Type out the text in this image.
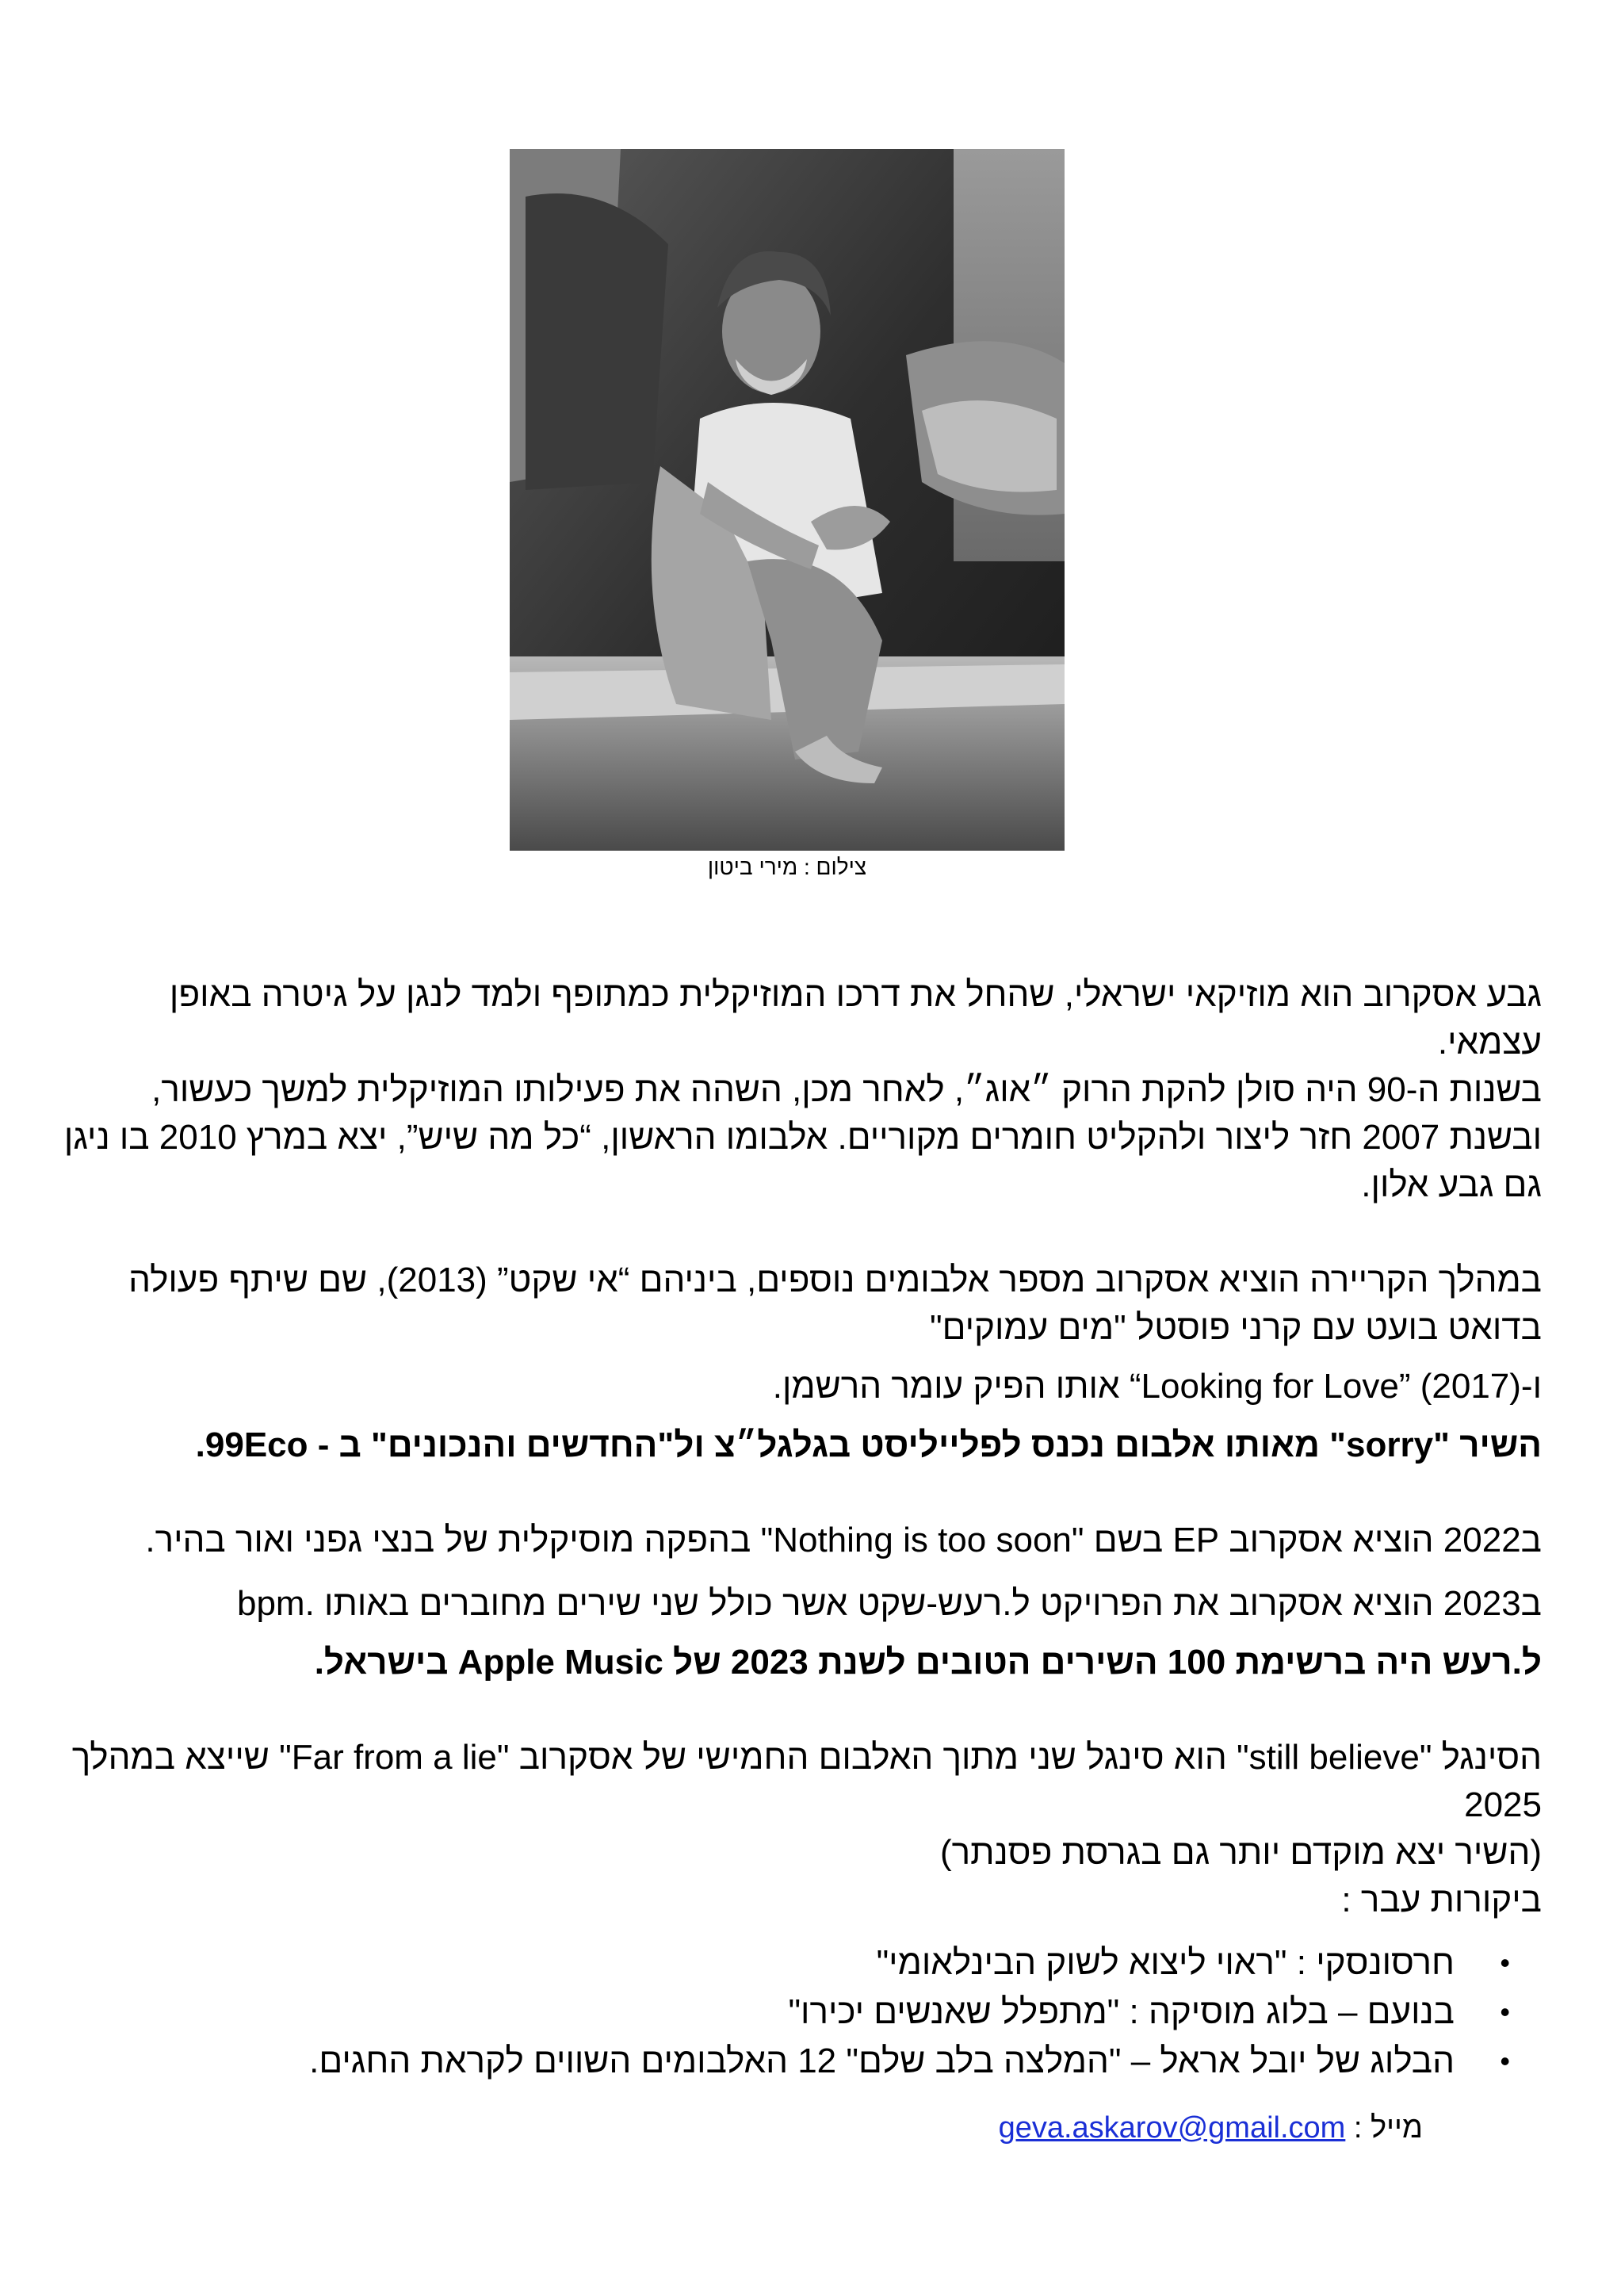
צילום : מירי ביטון

גבע אסקרוב הוא מוזיקאי ישראלי, שהחל את דרכו המוזיקלית כמתופף ולמד לנגן על גיטרה באופן עצמאי.

בשנות ה-90 היה סולן להקת הרוק ״אוג״, לאחר מכן, השהה את פעילותו המוזיקלית למשך כעשור, ובשנת 2007 חזר ליצור ולהקליט חומרים מקוריים. אלבומו הראשון, “כל מה שיש”, יצא במרץ 2010 בו ניגן גם גבע אלון.

במהלך הקריירה הוציא אסקרוב מספר אלבומים נוספים, ביניהם “אי שקט” (2013), שם שיתף פעולה בדואט בועט עם קרני פוסטל "מים עמוקים"

ו-(2017) ”Looking for Love“ אותו הפיק עומר הרשמן.

השיר "sorry" מאותו אלבום נכנס לפלייליסט בגלגל״צ ול"החדשים והנכונים" ב - 99Eco.

ב2022 הוציא אסקרוב EP בשם "Nothing is too soon" בהפקה מוסיקלית של בנצי גפני ואור בהיר.

ב2023 הוציא אסקרוב את הפרויקט ל.רעש-שקט אשר כולל שני שירים מחוברים באותו .bpm

ל.רעש היה ברשימת 100 השירים הטובים לשנת 2023 של Apple Music בישראל.

הסינגל "still believe" הוא סינגל שני מתוך האלבום החמישי של אסקרוב "Far from a lie" שייצא במהלך 2025

(השיר יצא מוקדם יותר גם בגרסת פסנתר)

ביקורות עבר :

•
חרסונסקי : "ראוי ליצוא לשוק הבינלאומי"
•
בנועם – בלוג מוסיקה : "מתפלל שאנשים יכירו"
•
הבלוג של יובל אראל – "המלצה בלב שלם" 12 האלבומים השווים לקראת החגים.
מייל : geva.askarov@gmail.com
